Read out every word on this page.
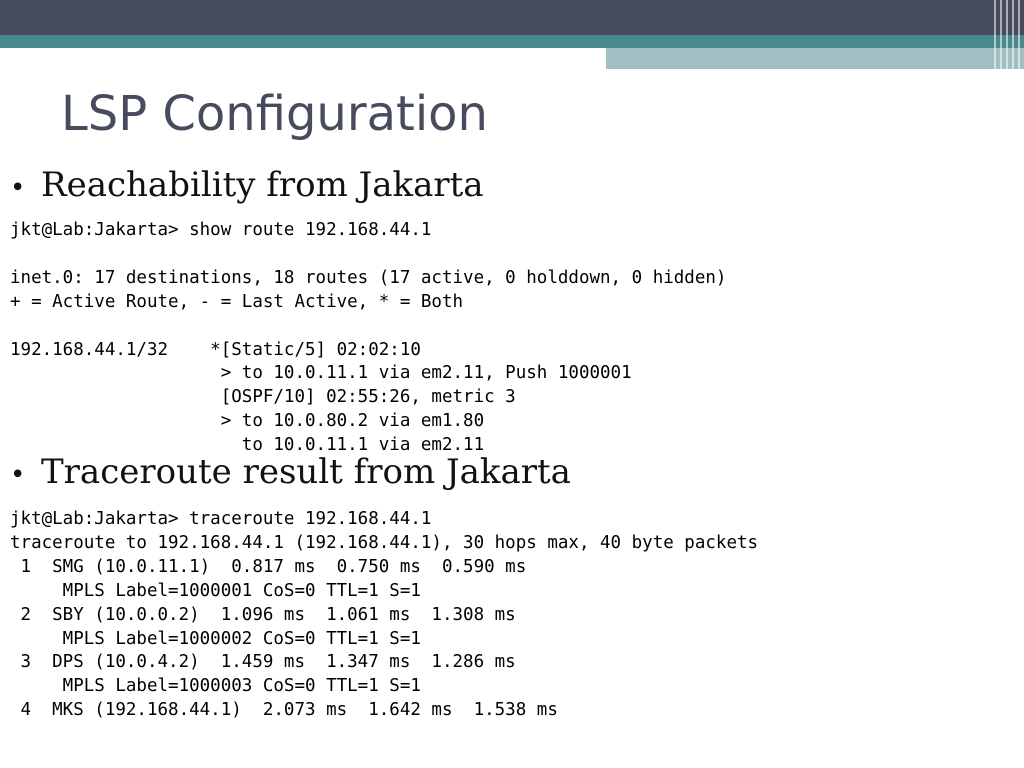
LSP Configuration

• Reachability from Jakarta

jkt@Lab:Jakarta> show route 192.168.44.1

inet.0: 17 destinations, 18 routes (17 active, 0 holddown, 0 hidden)
+ = Active Route, - = Last Active, * = Both

192.168.44.1/32    *[Static/5] 02:02:10
> to 10.0.11.1 via em2.11, Push 1000001
[OSPF/10] 02:55:26, metric 3
> to 10.0.80.2 via em1.80
to 10.0.11.1 via em2.11

• Traceroute result from Jakarta

jkt@Lab:Jakarta> traceroute 192.168.44.1
traceroute to 192.168.44.1 (192.168.44.1), 30 hops max, 40 byte packets
1  SMG (10.0.11.1)  0.817 ms  0.750 ms  0.590 ms
MPLS Label=1000001 CoS=0 TTL=1 S=1
2  SBY (10.0.0.2)  1.096 ms  1.061 ms  1.308 ms
MPLS Label=1000002 CoS=0 TTL=1 S=1
3  DPS (10.0.4.2)  1.459 ms  1.347 ms  1.286 ms
MPLS Label=1000003 CoS=0 TTL=1 S=1
4  MKS (192.168.44.1)  2.073 ms  1.642 ms  1.538 ms
